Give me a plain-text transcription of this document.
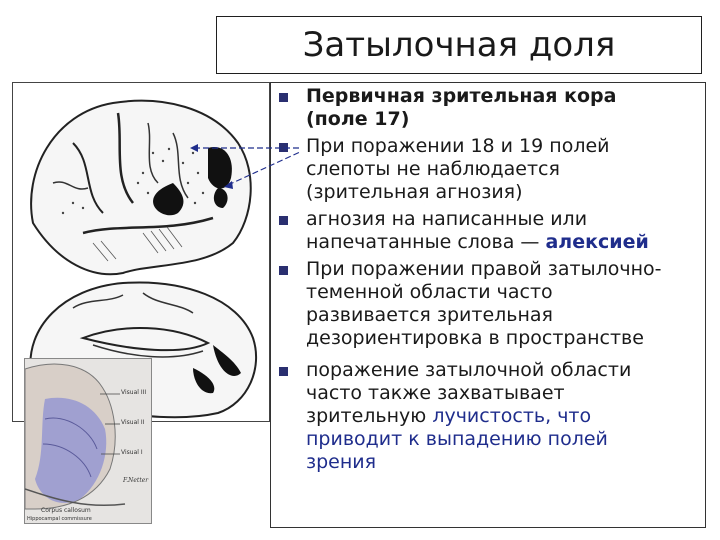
Затылочная доля
Visual III
Visual II
Visual I
Corpus callosum
Hippocampal commissure
F.Netter
Первичная зрительная кора
(поле 17)
При поражении 18 и 19 полей
слепоты не наблюдается
(зрительная агнозия)
агнозия на написанные или
напечатанные слова — алексией
При поражении правой затылочно-
теменной области часто
развивается зрительная
дезориентировка в пространстве
поражение затылочной области
часто также захватывает
зрительную лучистость, что
приводит к выпадению полей
зрения
